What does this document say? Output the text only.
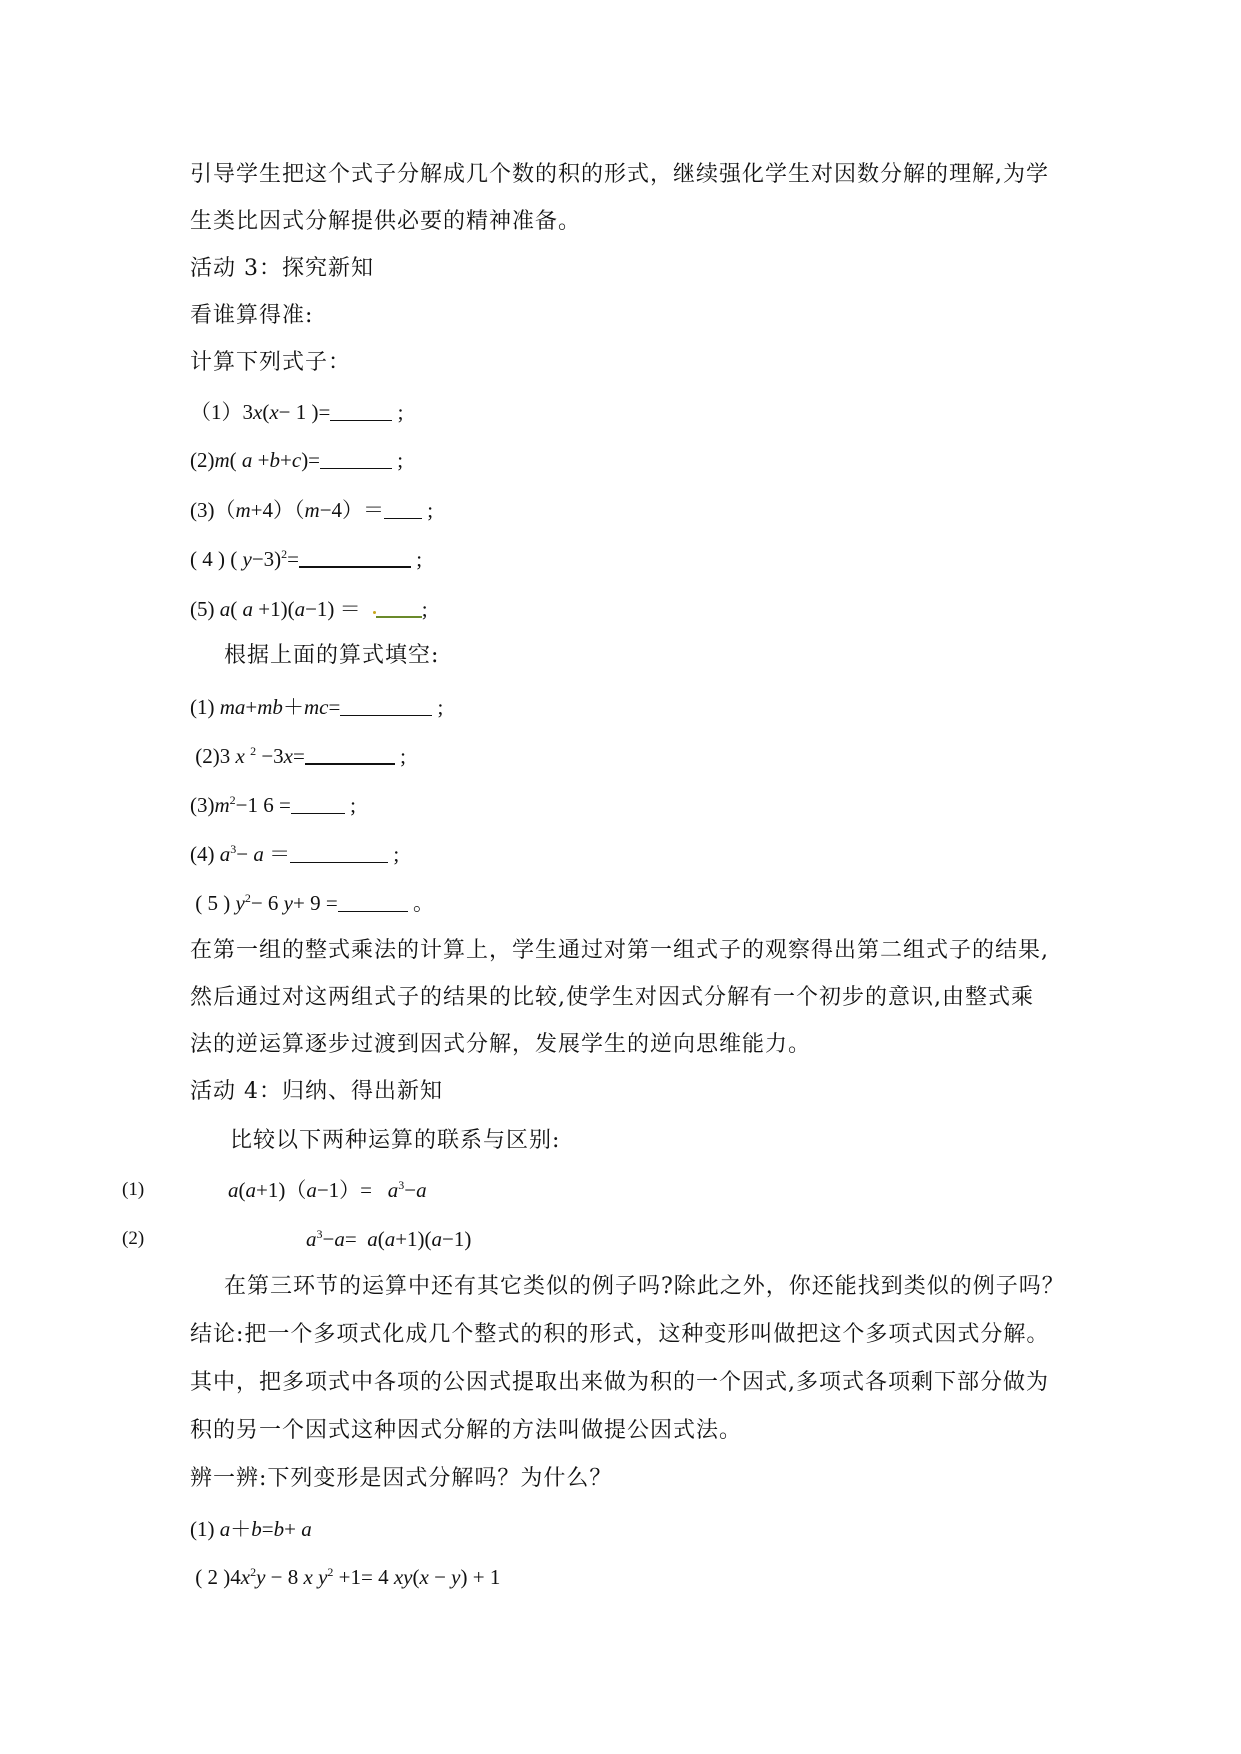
引导学生把这个式子分解成几个数的积的形式，继续强化学生对因数分解的理解,为学
生类比因式分解提供必要的精神准备。
活动 3：探究新知
看谁算得准:
计算下列式子：
（1）3x(x− 1 )=	;
(2)m( a +b+c)=	;
(3)（m+4）（m−4）＝ ;
( 4 ) ( y−3)$^2$=	;
(5) a( a +1)(a−1) ＝	;
根据上面的算式填空:
(1) ma+mb＋mc=	;
(2)3 x $^2$ −3x=	;
$(3)m^2-1$ 6 =	;
(4) $a^3- a$ ＝	;
( 5 ) $y^2- 6$ y+ 9 =	。
在第一组的整式乘法的计算上，学生通过对第一组式子的观察得出第二组式子的结果,
然后通过对这两组式子的结果的比较,使学生对因式分解有一个初步的意识,由整式乘
法的逆运算逐步过渡到因式分解，发展学生的逆向思维能力。
活动 4：归纳、得出新知
比较以下两种运算的联系与区别:
(1)	$a(a+1)(a-1)= a^3-a$
(2)	$a^3-a= a(a+1)(a-1)$
在第三环节的运算中还有其它类似的例子吗?除此之外，你还能找到类似的例子吗？
结论:把一个多项式化成几个整式的积的形式，这种变形叫做把这个多项式因式分解。
其中，把多项式中各项的公因式提取出来做为积的一个因式,多项式各项剩下部分做为
积的另一个因式这种因式分解的方法叫做提公因式法。
辨一辨:下列变形是因式分解吗？为什么？
(1) a＋b=b+ a
( 2 )$4x^2y - 8$ x $y^2 +1= 4$ xy(x − y) + 1
